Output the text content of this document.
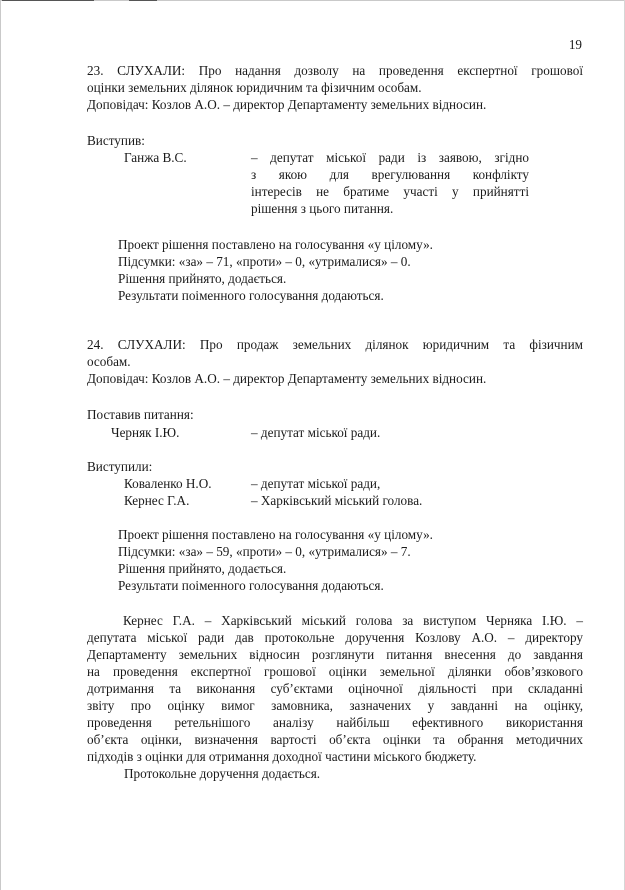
19
23. СЛУХАЛИ: Про надання дозволу на проведення експертної грошової
оцінки земельних ділянок юридичним та фізичним особам.
Доповідач: Козлов А.О. – директор Департаменту земельних відносин.
Виступив:
Ганжа В.С.	– депутат міської ради із заявою, згідно
з якою для врегулювання конфлікту
інтересів не братиме участі у прийнятті
рішення з цього питання.
Проект рішення поставлено на голосування «у цілому».
Підсумки: «за» – 71, «проти» – 0, «утрималися» – 0.
Рішення прийнято, додається.
Результати поіменного голосування додаються.
24. СЛУХАЛИ: Про продаж земельних ділянок юридичним та фізичним
особам.
Доповідач: Козлов А.О. – директор Департаменту земельних відносин.
Поставив питання:
Черняк І.Ю.	– депутат міської ради.
Виступили:
Коваленко Н.О.	– депутат міської ради,
Кернес Г.А.	– Харківський міський голова.
Проект рішення поставлено на голосування «у цілому».
Підсумки: «за» – 59, «проти» – 0, «утрималися» – 7.
Рішення прийнято, додається.
Результати поіменного голосування додаються.
Кернес Г.А. – Харківський міський голова за виступом Черняка І.Ю. –
депутата міської ради дав протокольне доручення Козлову А.О. – директору
Департаменту земельних відносин розглянути питання внесення до завдання
на проведення експертної грошової оцінки земельної ділянки обов’язкового
дотримання та виконання суб’єктами оціночної діяльності при складанні
звіту про оцінку вимог замовника, зазначених у завданні на оцінку,
проведення ретельнішого аналізу найбільш ефективного використання
об’єкта оцінки, визначення вартості об’єкта оцінки та обрання методичних
підходів з оцінки для отримання доходної частини міського бюджету.
Протокольне доручення додається.
